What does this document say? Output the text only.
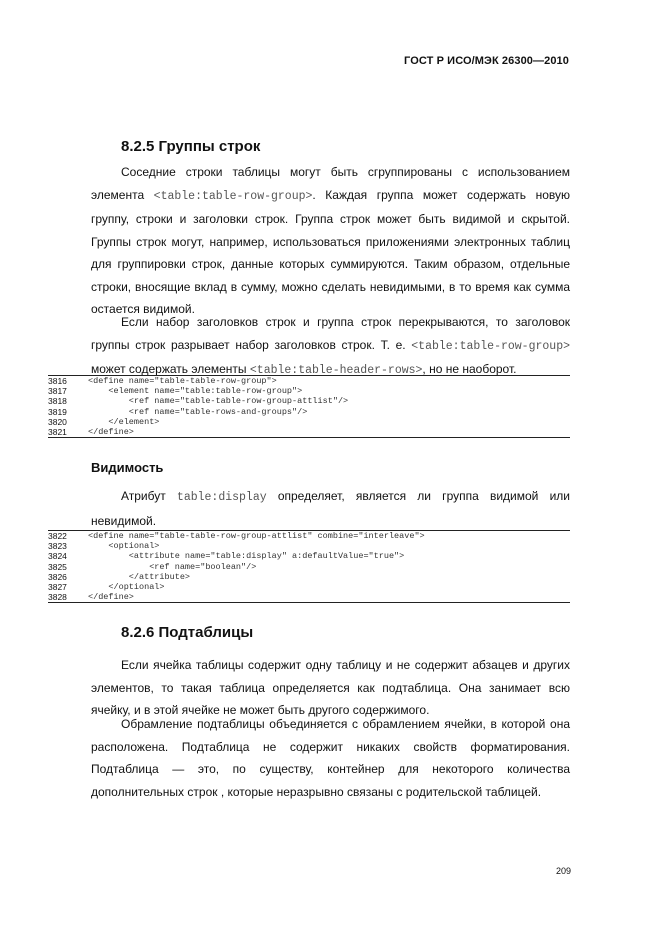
ГОСТ Р ИСО/МЭК 26300—2010
8.2.5 Группы строк

Соседние строки таблицы могут быть сгруппированы с использованием элемента <table:table-row-group>. Каждая группа может содержать новую группу, строки и заголовки строк. Группа строк может быть видимой и скрытой. Группы строк могут, например, использоваться приложениями электронных таблиц для группировки строк, данные которых суммируются. Таким образом, отдельные строки, вносящие вклад в сумму, можно сделать невидимыми, в то время как сумма остается видимой.

Если набор заголовков строк и группа строк перекрываются, то заголовок группы строк разрывает набор заголовков строк. Т. е. <table:table-row-group> может содержать элементы <table:table-header-rows>, но не наоборот.

3816	<define name="table-table-row-group">
3817	<element name="table:table-row-group">
3818	<ref name="table-table-row-group-attlist"/>
3819	<ref name="table-rows-and-groups"/>
3820	</element>
3821	</define>
Видимость

Атрибут table:display определяет, является ли группа видимой или невидимой.

3822	<define name="table-table-row-group-attlist" combine="interleave">
3823	<optional>
3824	<attribute name="table:display" a:defaultValue="true">
3825	<ref name="boolean"/>
3826	</attribute>
3827	</optional>
3828	</define>
8.2.6 Подтаблицы

Если ячейка таблицы содержит одну таблицу и не содержит абзацев и других элементов, то такая таблица определяется как подтаблица. Она занимает всю ячейку, и в этой ячейке не может быть другого содержимого.

Обрамление подтаблицы объединяется с обрамлением ячейки, в которой она расположена. Подтаблица не содержит никаких свойств форматирования. Подтаблица — это, по существу, контейнер для некоторого количества дополнительных строк , которые неразрывно связаны с родительской таблицей.

209
